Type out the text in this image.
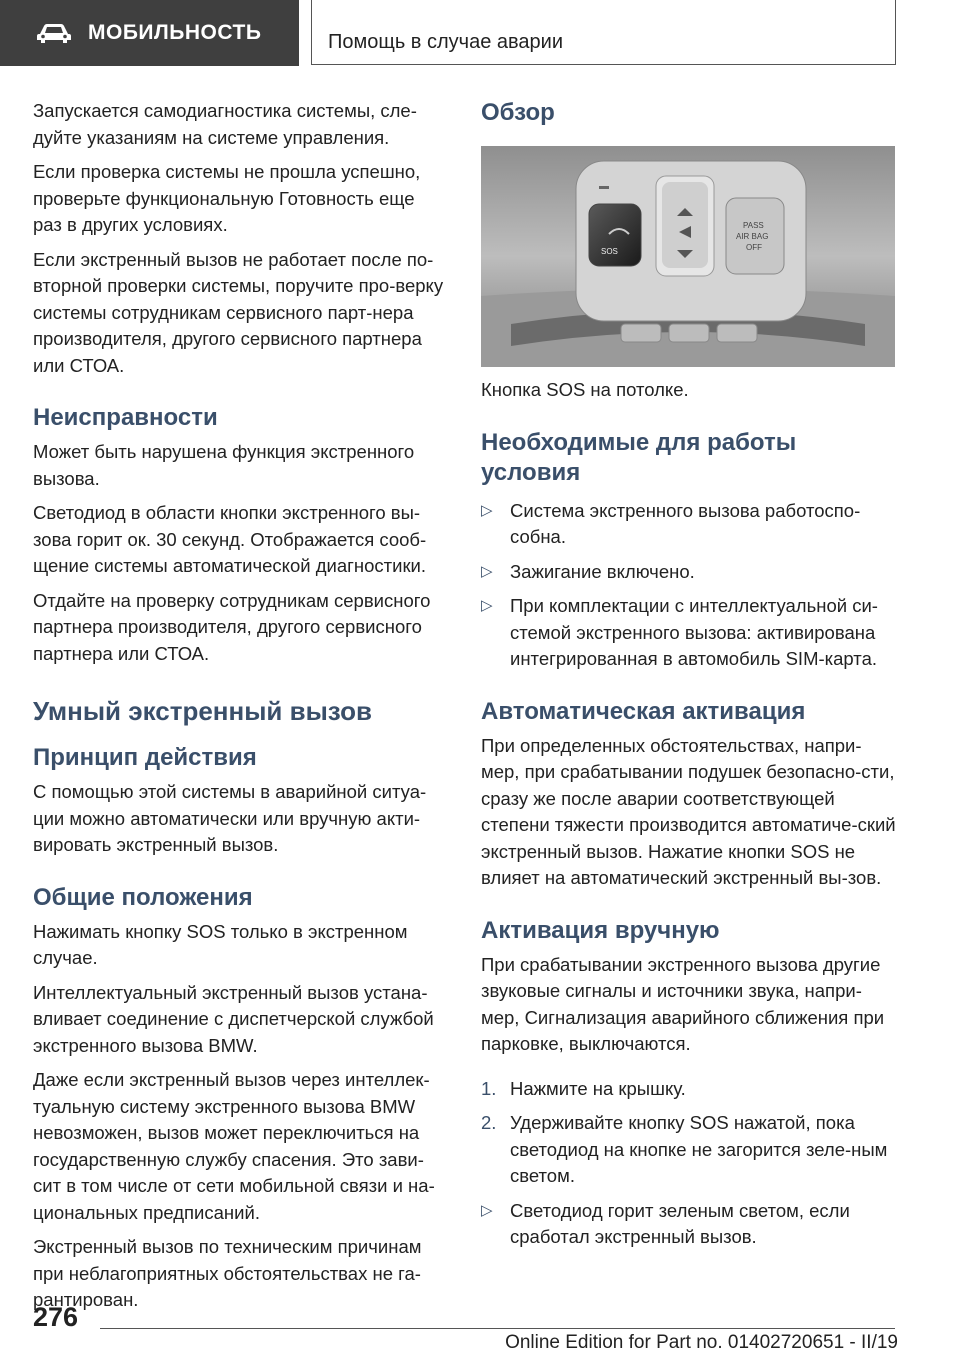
МОБИЛЬНОСТЬ	Помощь в случае аварии

Запускается самодиагностика системы, сле-дуйте указаниям на системе управления.

Если проверка системы не прошла успешно, проверьте функциональную Готовность еще раз в других условиях.

Если экстренный вызов не работает после по-вторной проверки системы, поручите про-верку системы сотрудникам сервисного парт-нера производителя, другого сервисного партнера или СТОА.

Неисправности

Может быть нарушена функция экстренного вызова.

Светодиод в области кнопки экстренного вы-зова горит ок. 30 секунд. Отображается сооб-щение системы автоматической диагностики.

Отдайте на проверку сотрудникам сервисного партнера производителя, другого сервисного партнера или СТОА.

Умный экстренный вызов
Принцип действия

С помощью этой системы в аварийной ситуа-ции можно автоматически или вручную акти-вировать экстренный вызов.

Общие положения

Нажимать кнопку SOS только в экстренном случае.

Интеллектуальный экстренный вызов устана-вливает соединение с диспетчерской службой экстренного вызова BMW.

Даже если экстренный вызов через интеллек-туальную систему экстренного вызова BMW невозможен, вызов может переключиться на государственную службу спасения. Это зави-сит в том числе от сети мобильной связи и на-циональных предписаний.

Экстренный вызов по техническим причинам при неблагоприятных обстоятельствах не га-рантирован.

Обзор
SOS
PASS
AIR BAG
OFF

Кнопка SOS на потолке.

Необходимые для работы условия
▷ Система экстренного вызова работоспо-собна.
▷ Зажигание включено.
▷ При комплектации с интеллектуальной си-стемой экстренного вызова: активирована интегрированная в автомобиль SIM-карта.
Автоматическая активация

При определенных обстоятельствах, напри-мер, при срабатывании подушек безопасно-сти, сразу же после аварии соответствующей степени тяжести производится автоматиче-ский экстренный вызов. Нажатие кнопки SOS не влияет на автоматический экстренный вы-зов.

Активация вручную

При срабатывании экстренного вызова другие звуковые сигналы и источники звука, напри-мер, Сигнализация аварийного сближения при парковке, выключаются.

1. Нажмите на крышку.
2. Удерживайте кнопку SOS нажатой, пока светодиод на кнопке не загорится зеле-ным светом.
▷ Светодиод горит зеленым светом, если сработал экстренный вызов.
276
Online Edition for Part no. 01402720651 - II/19
